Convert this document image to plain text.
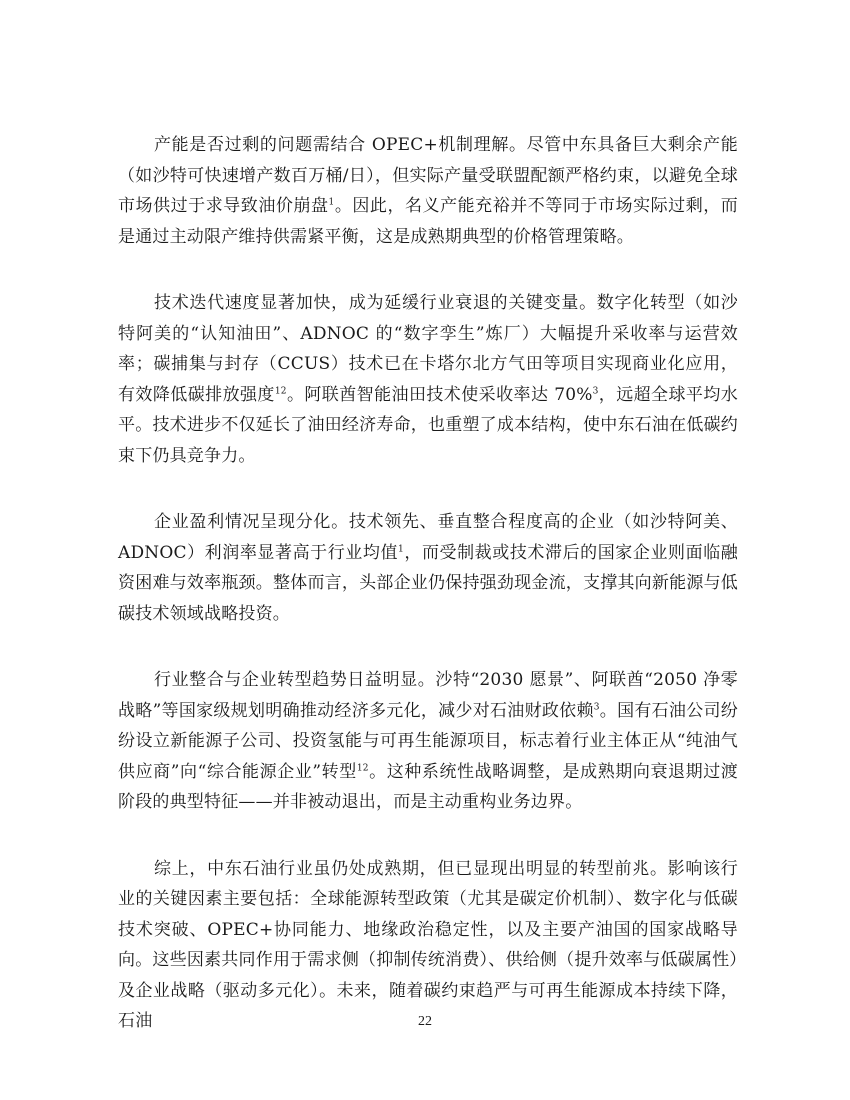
产能是否过剩的问题需结合 OPEC+机制理解。尽管中东具备巨大剩余产能（如沙特可快速增产数百万桶/日），但实际产量受联盟配额严格约束，以避免全球市场供过于求导致油价崩盘$^1$。因此，名义产能充裕并不等同于市场实际过剩，而是通过主动限产维持供需紧平衡，这是成熟期典型的价格管理策略。

技术迭代速度显著加快，成为延缓行业衰退的关键变量。数字化转型（如沙特阿美的“认知油田”、ADNOC 的“数字孪生”炼厂）大幅提升采收率与运营效率；碳捕集与封存（CCUS）技术已在卡塔尔北方气田等项目实现商业化应用，有效降低碳排放强度$^{12}$。阿联酋智能油田技术使采收率达 70%$^3$，远超全球平均水平。技术进步不仅延长了油田经济寿命，也重塑了成本结构，使中东石油在低碳约束下仍具竞争力。

企业盈利情况呈现分化。技术领先、垂直整合程度高的企业（如沙特阿美、ADNOC）利润率显著高于行业均值$^1$，而受制裁或技术滞后的国家企业则面临融资困难与效率瓶颈。整体而言，头部企业仍保持强劲现金流，支撑其向新能源与低碳技术领域战略投资。

行业整合与企业转型趋势日益明显。沙特“2030 愿景”、阿联酋“2050 净零战略”等国家级规划明确推动经济多元化，减少对石油财政依赖$^3$。国有石油公司纷纷设立新能源子公司、投资氢能与可再生能源项目，标志着行业主体正从“纯油气供应商”向“综合能源企业”转型$^{12}$。这种系统性战略调整，是成熟期向衰退期过渡阶段的典型特征——并非被动退出，而是主动重构业务边界。

综上，中东石油行业虽仍处成熟期，但已显现出明显的转型前兆。影响该行业的关键因素主要包括：全球能源转型政策（尤其是碳定价机制）、数字化与低碳技术突破、OPEC+协同能力、地缘政治稳定性，以及主要产油国的国家战略导向。这些因素共同作用于需求侧（抑制传统消费）、供给侧（提升效率与低碳属性）及企业战略（驱动多元化）。未来，随着碳约束趋严与可再生能源成本持续下降，石油	22
